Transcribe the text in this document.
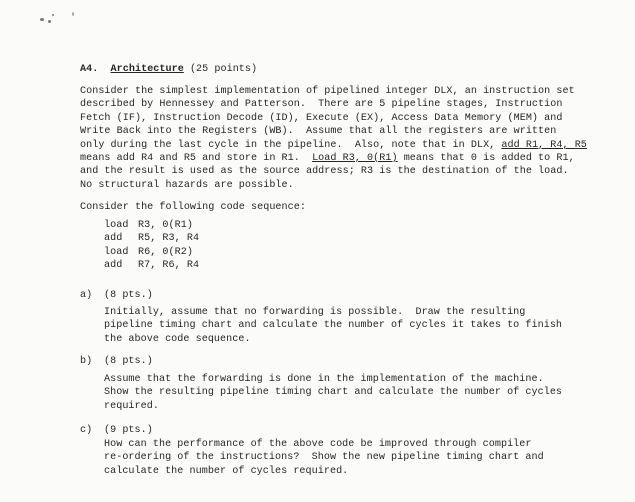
A4. Architecture (25 points)
Consider the simplest implementation of pipelined integer DLX, an instruction set
described by Hennessey and Patterson.  There are 5 pipeline stages, Instruction
Fetch (IF), Instruction Decode (ID), Execute (EX), Access Data Memory (MEM) and
Write Back into the Registers (WB).  Assume that all the registers are written
only during the last cycle in the pipeline.  Also, note that in DLX, add R1, R4, R5
means add R4 and R5 and store in R1.  Load R3, 0(R1) means that 0 is added to R1,
and the result is used as the source address; R3 is the destination of the load.
No structural hazards are possible.
Consider the following code sequence:
load R3, 0(R1)
add R5, R3, R4
load R6, 0(R2)
add R7, R6, R4
a) (8 pts.)
Initially, assume that no forwarding is possible.  Draw the resulting
pipeline timing chart and calculate the number of cycles it takes to finish
the above code sequence.
b) (8 pts.)
Assume that the forwarding is done in the implementation of the machine.
Show the resulting pipeline timing chart and calculate the number of cycles
required.
c) (9 pts.)
How can the performance of the above code be improved through compiler
re-ordering of the instructions?  Show the new pipeline timing chart and
calculate the number of cycles required.
